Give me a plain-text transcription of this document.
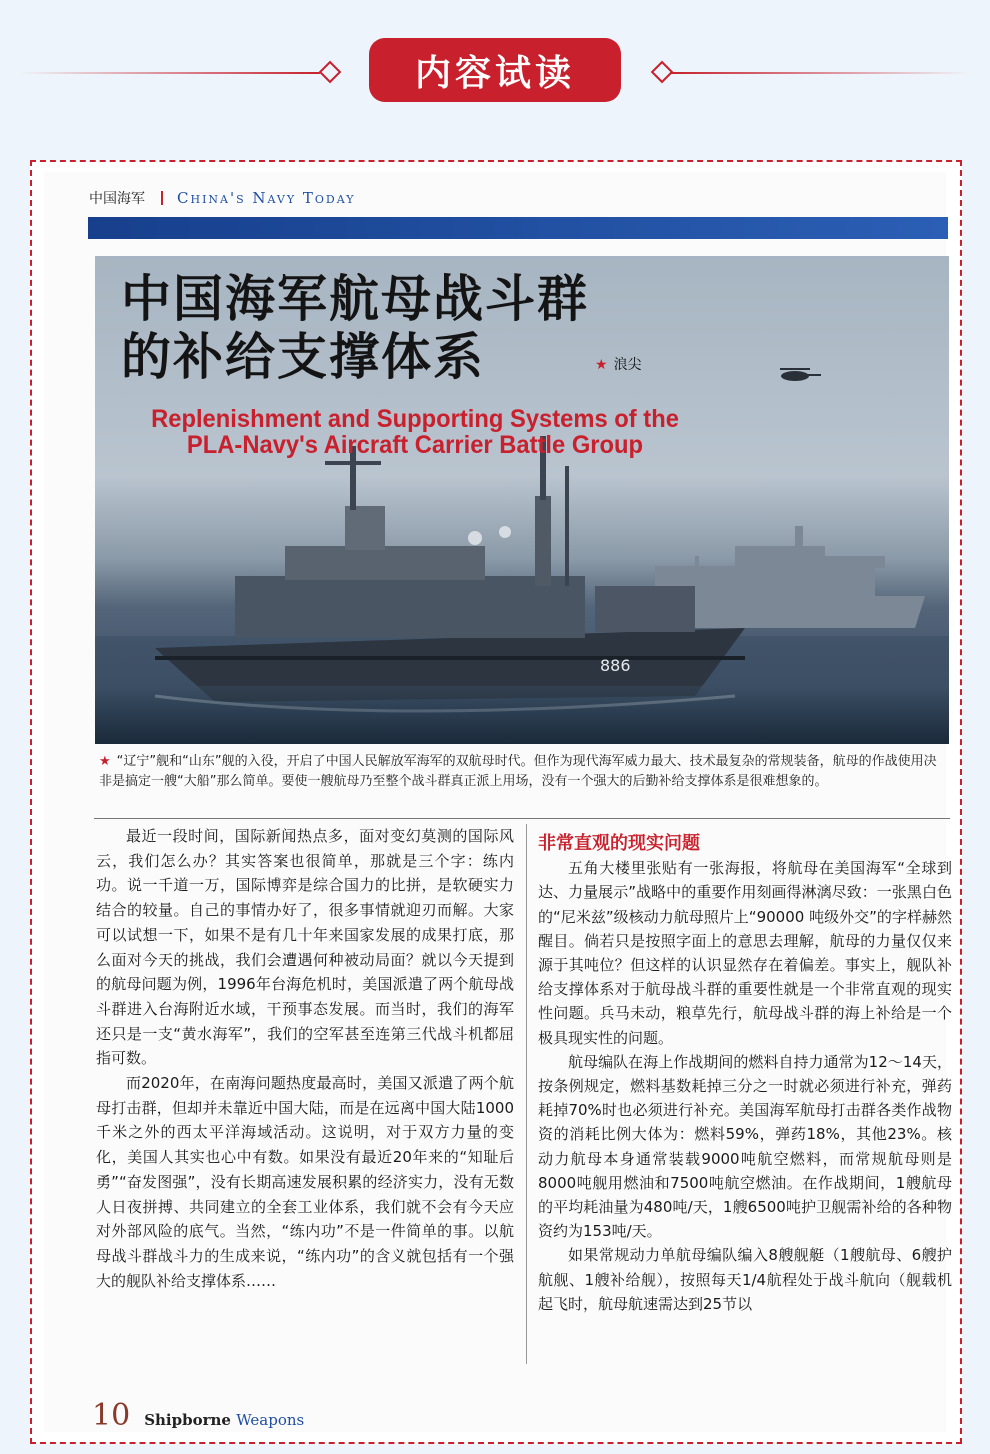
内容试读
中国海军 China's Navy Today
886
中国海军航母战斗群
的补给支撑体系	★ 浪尖
Replenishment and Supporting Systems of the
PLA-Navy's Aircraft Carrier Battle Group
★ “辽宁”舰和“山东”舰的入役，开启了中国人民解放军海军的双航母时代。但作为现代海军威力最大、技术最复杂的常规装备，航母的作战使用决非是搞定一艘“大船”那么简单。要使一艘航母乃至整个战斗群真正派上用场，没有一个强大的后勤补给支撑体系是很难想象的。

最近一段时间，国际新闻热点多，面对变幻莫测的国际风云，我们怎么办？其实答案也很简单，那就是三个字：练内功。说一千道一万，国际博弈是综合国力的比拼，是软硬实力结合的较量。自己的事情办好了，很多事情就迎刃而解。大家可以试想一下，如果不是有几十年来国家发展的成果打底，那么面对今天的挑战，我们会遭遇何种被动局面？就以今天提到的航母问题为例，1996年台海危机时，美国派遣了两个航母战斗群进入台海附近水域，干预事态发展。而当时，我们的海军还只是一支“黄水海军”，我们的空军甚至连第三代战斗机都屈指可数。

而2020年，在南海问题热度最高时，美国又派遣了两个航母打击群，但却并未靠近中国大陆，而是在远离中国大陆1000千米之外的西太平洋海域活动。这说明，对于双方力量的变化，美国人其实也心中有数。如果没有最近20年来的“知耻后勇”“奋发图强”，没有长期高速发展积累的经济实力，没有无数人日夜拼搏、共同建立的全套工业体系，我们就不会有今天应对外部风险的底气。当然，“练内功”不是一件简单的事。以航母战斗群战斗力的生成来说，“练内功”的含义就包括有一个强大的舰队补给支撑体系……

非常直观的现实问题

五角大楼里张贴有一张海报，将航母在美国海军“全球到达、力量展示”战略中的重要作用刻画得淋漓尽致：一张黑白色的“尼米兹”级核动力航母照片上“90000 吨级外交”的字样赫然醒目。倘若只是按照字面上的意思去理解，航母的力量仅仅来源于其吨位？但这样的认识显然存在着偏差。事实上，舰队补给支撑体系对于航母战斗群的重要性就是一个非常直观的现实性问题。兵马未动，粮草先行，航母战斗群的海上补给是一个极具现实性的问题。

航母编队在海上作战期间的燃料自持力通常为12～14天，按条例规定，燃料基数耗掉三分之一时就必须进行补充，弹药耗掉70%时也必须进行补充。美国海军航母打击群各类作战物资的消耗比例大体为：燃料59%，弹药18%，其他23%。核动力航母本身通常装载9000吨航空燃料，而常规航母则是8000吨舰用燃油和7500吨航空燃油。在作战期间，1艘航母的平均耗油量为480吨/天，1艘6500吨护卫舰需补给的各种物资约为153吨/天。

如果常规动力单航母编队编入8艘舰艇（1艘航母、6艘护航舰、1艘补给舰），按照每天1/4航程处于战斗航向（舰载机起飞时，航母航速需达到25节以

10 Shipborne Weapons
